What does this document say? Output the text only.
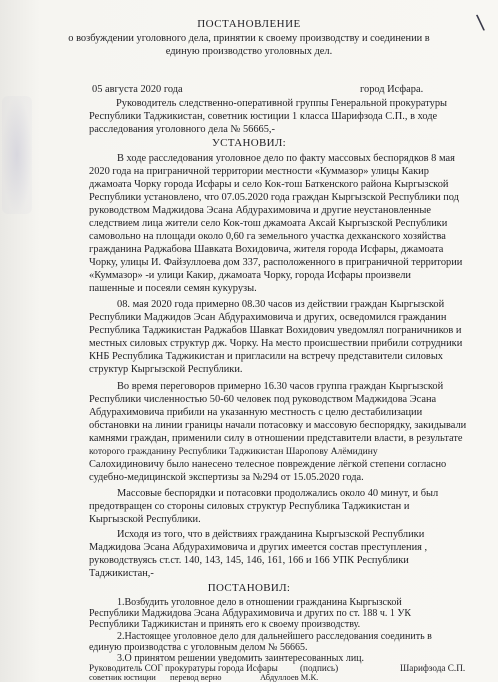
\
ПОСТАНОВЛЕНИЕ
о возбуждении уголовного дела, принятии к своему производству и соединении в
единую производство уголовных дел.
05 августа 2020 года	город Исфара.
Руководитель следственно-оперативной группы Генеральной прокуратуры
Республики Таджикистан, советник юстиции 1 класса Шарифзода С.П., в ходе
расследования уголовного дела № 56665,-
УСТАНОВИЛ:
В ходе расследования уголовное дело по факту массовых беспорядков 8 мая
2020 года на приграничной территории местности «Куммазор» улицы Какир
джамоата Чорку города Исфары и село Кок-тош Баткенского района Кыргызской
Республики установлено, что 07.05.2020 года граждан Кыргызской Республики под
руководством Маджидова Эсана Абдурахимовича и другие неустановленные
следствием лица жители село Кок-тош джамоата Аксай Кыргызской Республики
самовольно на площади около 0,60 га земельного участка дехканского хозяйства
гражданина Раджабова Шавката Вохидовича, жителя города Исфары, джамоата
Чорку, улицы И. Файзуллоева дом 337, расположенного в приграничной территории
«Куммазор» -и улици Какир, джамоата Чорку, города Исфары произвели
пашенные и посеяли семян кукурузы.
08. мая 2020 года примерно 08.30 часов из действии граждан Кыргызской
Республики Маджидов Эсан Абдурахимовича и других, осведомился гражданин
Республика Таджикистан Раджабов Шавкат Вохидович уведомлял пограничников и
местных силовых структур дж. Чорку. На место происшествии прибили сотрудники
КНБ Республика Таджикистан и пригласили на встречу представители силовых
структур Кыргызской Республики.
Во время переговоров примерно 16.30 часов группа граждан Кыргызской
Республики численностью 50-60 человек под руководством Маджидова Эсана
Абдурахимовича прибили на указанную местность с целю дестабилизации
обстановки на линии границы начали потасовку и массовую беспорядку, закидывали
камнями граждан, применили силу в отношении представители власти, в результате
которого гражданину Республики Таджикистан Шаропову Алёмидину
Салохидиновичу было нанесено телесное повреждение лёгкой степени согласно
судебно-медицинской экспертизы за №294 от 15.05.2020 года.
Массовые беспорядки и потасовки продолжались около 40 минут, и был
предотвращен со стороны силовых структур Республика Таджикистан и
Кыргызской Республики.
Исходя из того, что в действиях гражданина Кыргызской Республики
Маджидова Эсана Абдурахимовича и других имеется состав преступления ,
руководствуясь ст.ст. 140, 143, 145, 146, 161, 166 и 166 УПК Республики
Таджикистан,-
ПОСТАНОВИЛ:
1.Возбудить уголовное дело в отношении гражданина Кыргызской
Республики Маджидова Эсана Абдурахимовича и других по ст. 188 ч. 1 УК
Республики Таджикистан и принять его к своему производству.
2.Настоящее уголовное дело для дальнейшего расследования соединить в
единую производства с уголовным делом № 56665.
3.О принятом решении уведомить заинтересованных лиц.
Руководитель СОГ прокуратуры города Исфары (подпись)	Шарифзода С.П.
советник юстиции перевод верно	Абдуллоев М.К.
